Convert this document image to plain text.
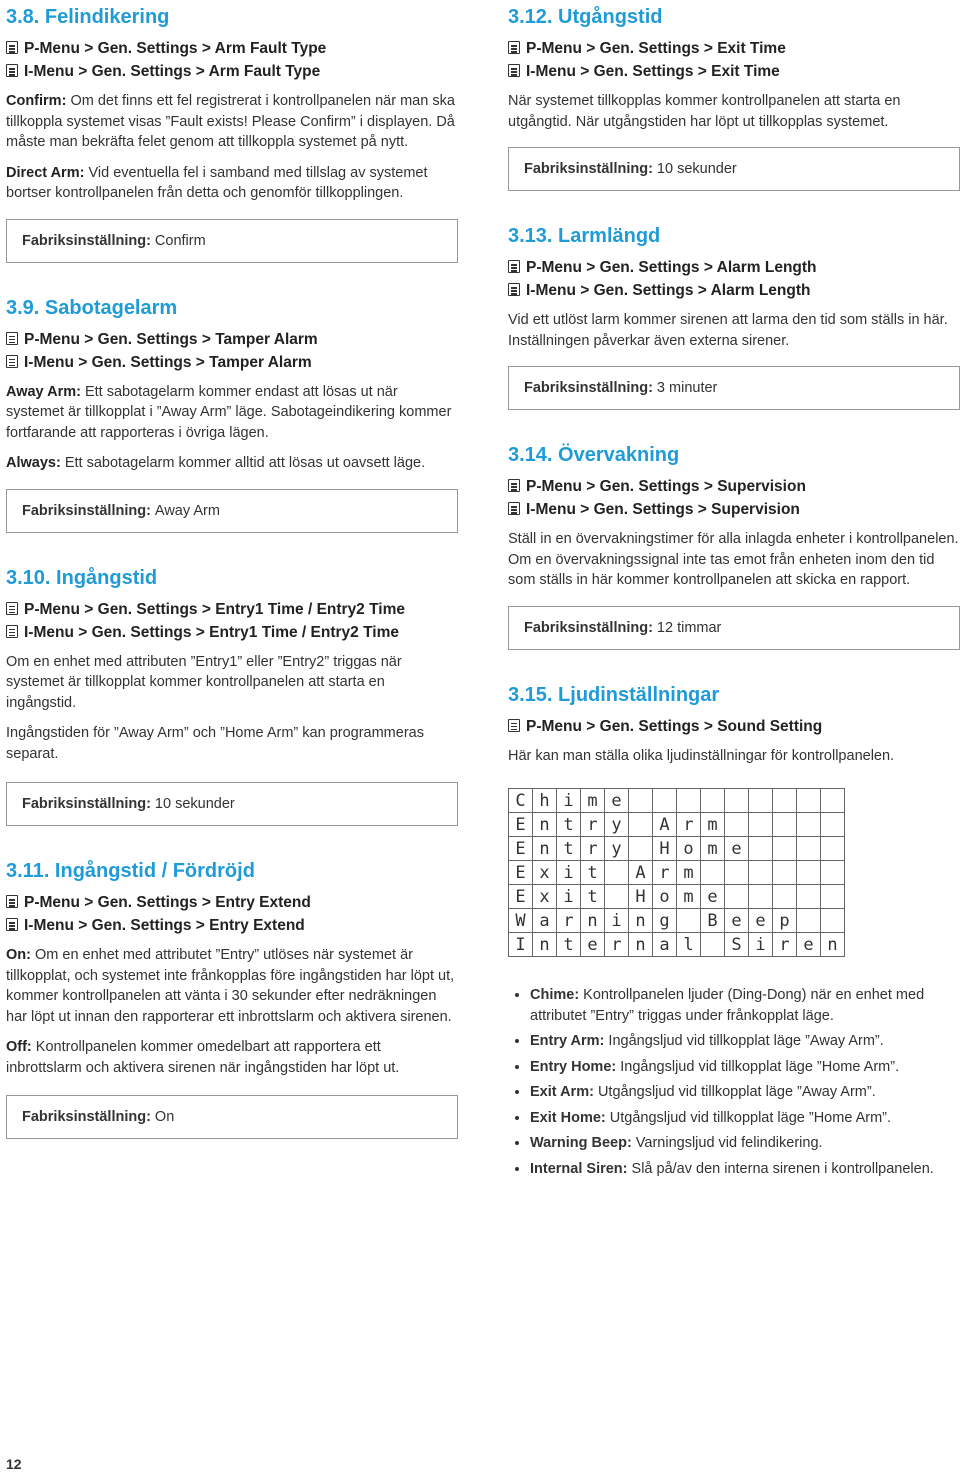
3.8. Felindikering
P-Menu > Gen. Settings > Arm Fault Type
I-Menu > Gen. Settings > Arm Fault Type

Confirm: Om det finns ett fel registrerat i kontrollpanelen när man ska tillkoppla systemet visas ”Fault exists! Please Confirm” i displayen. Då måste man bekräfta felet genom att tillkoppla systemet på nytt.

Direct Arm: Vid eventuella fel i samband med tillslag av systemet bortser kontrollpanelen från detta och genomför tillkopplingen.

Fabriksinställning: Confirm
3.9. Sabotagelarm
P-Menu > Gen. Settings > Tamper Alarm
I-Menu > Gen. Settings > Tamper Alarm

Away Arm: Ett sabotagelarm kommer endast att lösas ut när systemet är tillkopplat i ”Away Arm” läge. Sabotageindikering kommer fortfarande att rapporteras i övriga lägen.

Always: Ett sabotagelarm kommer alltid att lösas ut oavsett läge.

Fabriksinställning: Away Arm
3.10. Ingångstid
P-Menu > Gen. Settings > Entry1 Time / Entry2 Time
I-Menu > Gen. Settings > Entry1 Time / Entry2 Time

Om en enhet med attributen ”Entry1” eller ”Entry2” triggas när systemet är tillkopplat kommer kontrollpanelen att starta en ingångstid.

Ingångstiden för ”Away Arm” och ”Home Arm” kan programmeras separat.

Fabriksinställning: 10 sekunder
3.11. Ingångstid / Fördröjd
P-Menu > Gen. Settings > Entry Extend
I-Menu > Gen. Settings > Entry Extend

On: Om en enhet med attributet ”Entry” utlöses när systemet är tillkopplat, och systemet inte frånkopplas före ingångstiden har löpt ut, kommer kontrollpanelen att vänta i 30 sekunder efter nedräkningen har löpt ut innan den rapporterar ett inbrottslarm och aktivera sirenen.

Off: Kontrollpanelen kommer omedelbart att rapportera ett inbrottslarm och aktivera sirenen när ingångstiden har löpt ut.

Fabriksinställning: On
3.12. Utgångstid
P-Menu > Gen. Settings > Exit Time
I-Menu > Gen. Settings > Exit Time

När systemet tillkopplas kommer kontrollpanelen att starta en utgångtid. När utgångstiden har löpt ut tillkopplas systemet.

Fabriksinställning: 10 sekunder
3.13. Larmlängd
P-Menu > Gen. Settings > Alarm Length
I-Menu > Gen. Settings > Alarm Length

Vid ett utlöst larm kommer sirenen att larma den tid som ställs in här. Inställningen påverkar även externa sirener.

Fabriksinställning: 3 minuter
3.14. Övervakning
P-Menu > Gen. Settings > Supervision
I-Menu > Gen. Settings > Supervision

Ställ in en övervakningstimer för alla inlagda enheter i kontrollpanelen. Om en övervakningssignal inte tas emot från enheten inom den tid som ställs in här kommer kontrollpanelen att skicka en rapport.

Fabriksinställning: 12 timmar
3.15. Ljudinställningar
P-Menu > Gen. Settings > Sound Setting

Här kan man ställa olika ljudinställningar för kontrollpanelen.

C	h	i	m	e									
E	n	t	r	y		A	r	m					
E	n	t	r	y		H	o	m	e				
E	x	i	t		A	r	m						
E	x	i	t		H	o	m	e					
W	a	r	n	i	n	g		B	e	e	p		
I	n	t	e	r	n	a	l		S	i	r	e	n
• Chime: Kontrollpanelen ljuder (Ding-Dong) när en enhet med attributet ”Entry” triggas under frånkopplat läge.
• Entry Arm: Ingångsljud vid tillkopplat läge ”Away Arm”.
• Entry Home: Ingångsljud vid tillkopplat läge ”Home Arm”.
• Exit Arm: Utgångsljud vid tillkopplat läge ”Away Arm”.
• Exit Home: Utgångsljud vid tillkopplat läge ”Home Arm”.
• Warning Beep: Varningsljud vid felindikering.
• Internal Siren: Slå på/av den interna sirenen i kontrollpanelen.
12
